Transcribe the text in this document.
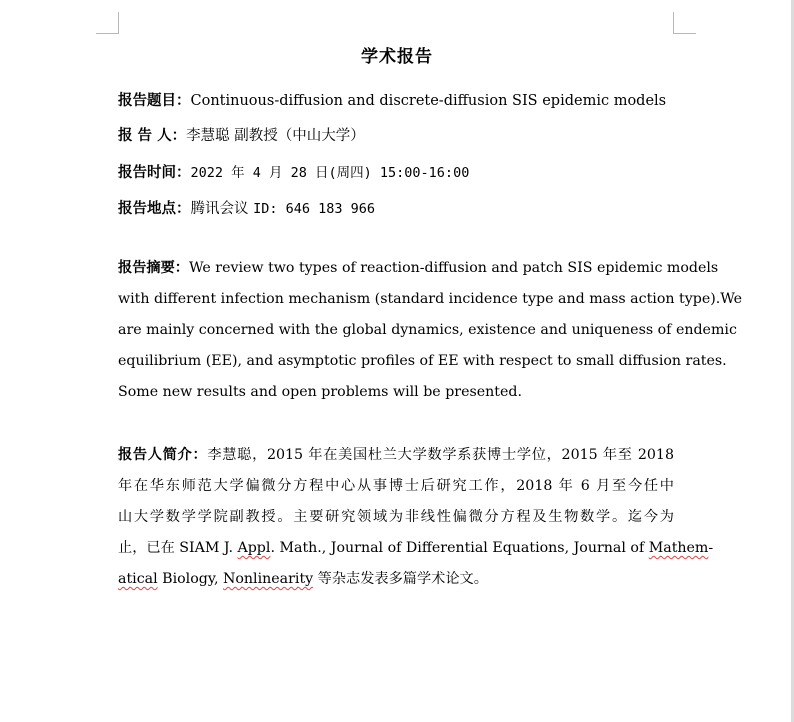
学术报告
报告题目：Continuous-diffusion and discrete-diffusion SIS epidemic models
报 告 人：李慧聪 副教授（中山大学）
报告时间：2022 年 4 月 28 日(周四) 15:00-16:00
报告地点：腾讯会议 ID: 646 183 966
报告摘要：We review two types of reaction-diffusion and patch SIS epidemic models
with different infection mechanism (standard incidence type and mass action type).We
are mainly concerned with the global dynamics, existence and uniqueness of endemic
equilibrium (EE), and asymptotic profiles of EE with respect to small diffusion rates.
Some new results and open problems will be presented.
报告人简介：李慧聪，2015 年在美国杜兰大学数学系获博士学位，2015 年至 2018
年在华东师范大学偏微分方程中心从事博士后研究工作，2018 年 6 月至今任中
山大学数学学院副教授。主要研究领域为非线性偏微分方程及生物数学。迄今为
止，已在 SIAM J. Appl. Math., Journal of Differential Equations, Journal of Mathem-
atical Biology, Nonlinearity 等杂志发表多篇学术论文。
